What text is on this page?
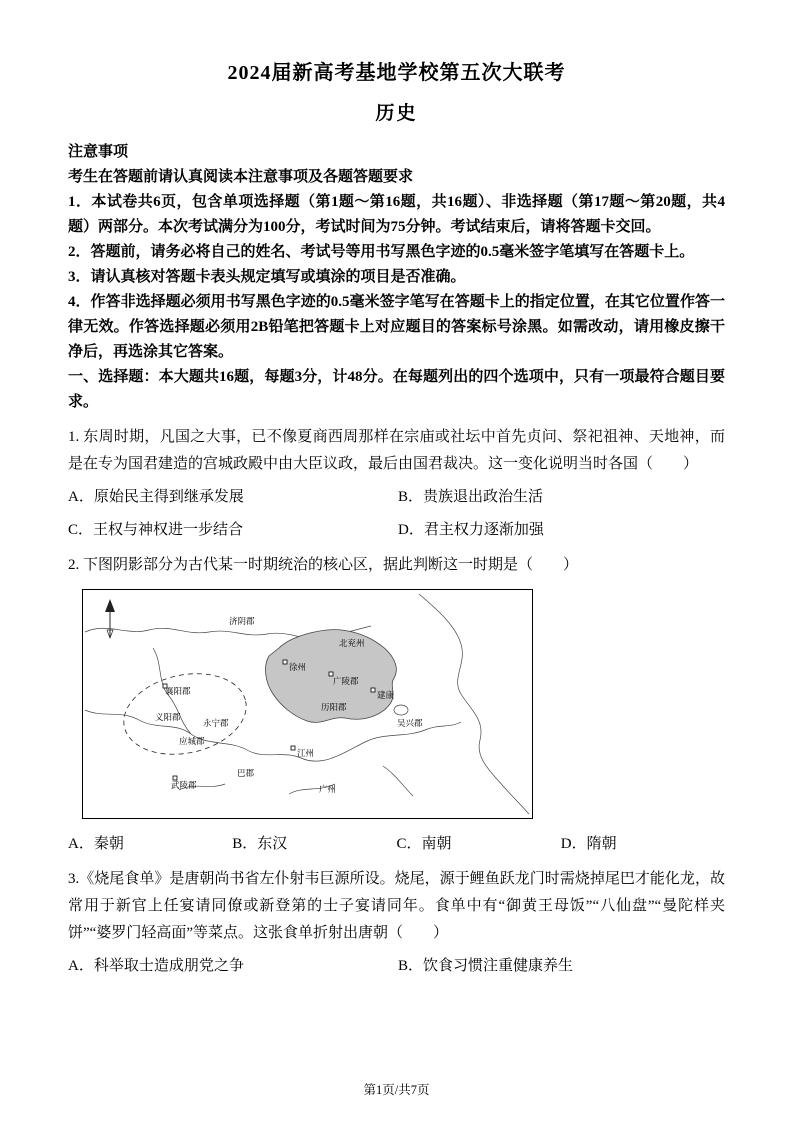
2024届新高考基地学校第五次大联考
历史

注意事项

考生在答题前请认真阅读本注意事项及各题答题要求

1．本试卷共6页，包含单项选择题（第1题～第16题，共16题）、非选择题（第17题～第20题，共4题）两部分。本次考试满分为100分，考试时间为75分钟。考试结束后，请将答题卡交回。

2．答题前，请务必将自己的姓名、考试号等用书写黑色字迹的0.5毫米签字笔填写在答题卡上。

3．请认真核对答题卡表头规定填写或填涂的项目是否准确。

4．作答非选择题必须用书写黑色字迹的0.5毫米签字笔写在答题卡上的指定位置，在其它位置作答一律无效。作答选择题必须用2B铅笔把答题卡上对应题目的答案标号涂黑。如需改动，请用橡皮擦干净后，再选涂其它答案。

一、选择题：本大题共16题，每题3分，计48分。在每题列出的四个选项中，只有一项最符合题目要求。

1. 东周时期，凡国之大事，已不像夏商西周那样在宗庙或社坛中首先贞问、祭祀祖神、天地神，而是在专为国君建造的宫城政殿中由大臣议政，最后由国君裁决。这一变化说明当时各国（　　）

A．原始民主得到继承发展	B．贵族退出政治生活
C．王权与神权进一步结合	D．君主权力逐渐加强

2. 下图阴影部分为古代某一时期统治的核心区，据此判断这一时期是（　　）

济阴郡
北兖州
徐州
广陵郡
建康
历阳郡
吴兴郡
襄阳郡
义阳郡
永宁郡
应城郡
江州
巴郡
武陵郡	广州
A．秦朝	B．东汉	C．南朝	D．隋朝

3.《烧尾食单》是唐朝尚书省左仆射韦巨源所设。烧尾，源于鲤鱼跃龙门时需烧掉尾巴才能化龙，故常用于新官上任宴请同僚或新登第的士子宴请同年。食单中有“御黄王母饭”“八仙盘”“曼陀样夹饼”“婆罗门轻高面”等菜点。这张食单折射出唐朝（　　）

A．科举取士造成朋党之争	B．饮食习惯注重健康养生
第1页/共7页
